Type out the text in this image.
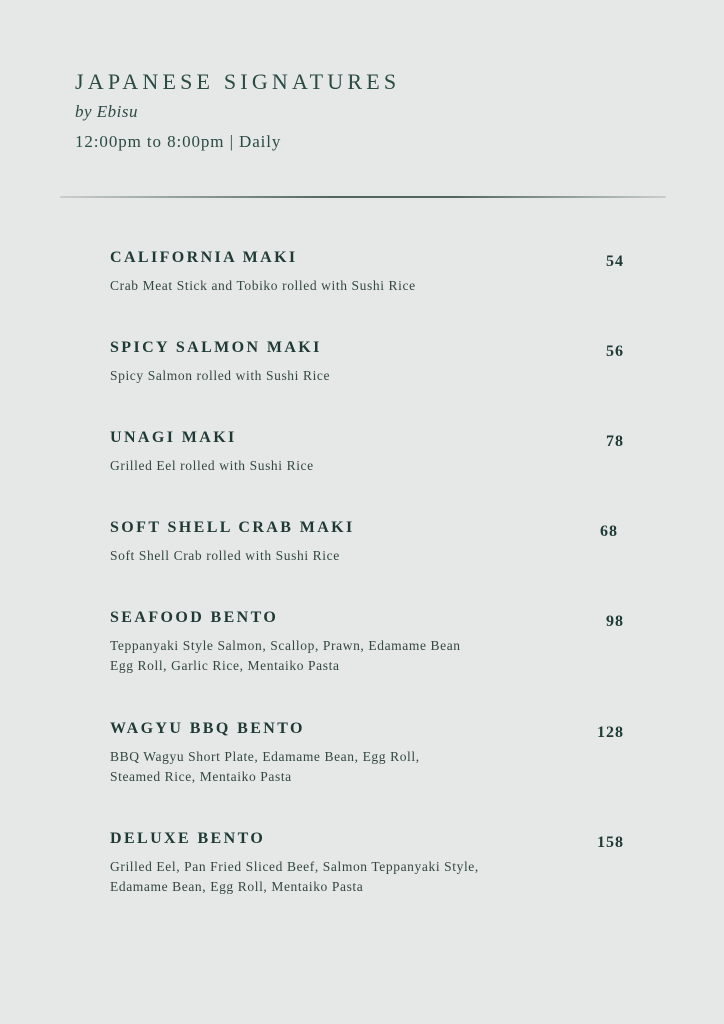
JAPANESE SIGNATURES
by Ebisu
12:00pm to 8:00pm | Daily
CALIFORNIA MAKI	54
Crab Meat Stick and Tobiko rolled with Sushi Rice
SPICY SALMON MAKI	56
Spicy Salmon rolled with Sushi Rice
UNAGI MAKI	78
Grilled Eel rolled with Sushi Rice
SOFT SHELL CRAB MAKI	68
Soft Shell Crab rolled with Sushi Rice
SEAFOOD BENTO	98
Teppanyaki Style Salmon, Scallop, Prawn, Edamame Bean
Egg Roll, Garlic Rice, Mentaiko Pasta
WAGYU BBQ BENTO	128
BBQ Wagyu Short Plate, Edamame Bean, Egg Roll,
Steamed Rice, Mentaiko Pasta
DELUXE BENTO	158
Grilled Eel, Pan Fried Sliced Beef, Salmon Teppanyaki Style,
Edamame Bean, Egg Roll, Mentaiko Pasta
